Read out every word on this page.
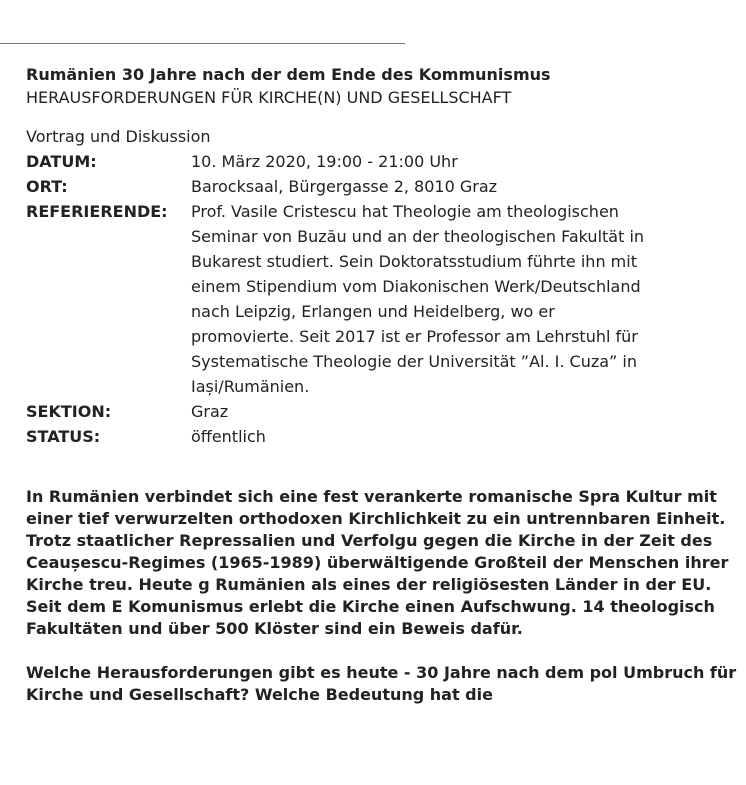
Rumänien 30 Jahre nach der dem Ende des Kommunismus
HERAUSFORDERUNGEN FÜR KIRCHE(N) UND GESELLSCHAFT
Vortrag und Diskussion
DATUM:	10. März 2020, 19:00 - 21:00 Uhr
ORT:	Barocksaal, Bürgergasse 2, 8010 Graz
REFERIERENDE:	Prof. Vasile Cristescu hat Theologie am theologischen Seminar von Buzău und an der theologischen Fakultät in Bukarest studiert. Sein Doktoratsstudium führte ihn mit einem Stipendium vom Diakonischen Werk/Deutschland nach Leipzig, Erlangen und Heidelberg, wo er promovierte. Seit 2017 ist er Professor am Lehrstuhl für Systematische Theologie der Universität ”Al. I. Cuza” in Iași/Rumänien.
SEKTION:	Graz
STATUS:	öffentlich

In Rumänien verbindet sich eine fest verankerte romanische Spra Kultur mit einer tief verwurzelten orthodoxen Kirchlichkeit zu ein untrennbaren Einheit. Trotz staatlicher Repressalien und Verfolgu gegen die Kirche in der Zeit des Ceaușescu-Regimes (1965-1989) überwältigende Großteil der Menschen ihrer Kirche treu. Heute g Rumänien als eines der religiösesten Länder in der EU. Seit dem E Komunismus erlebt die Kirche einen Aufschwung. 14 theologisch Fakultäten und über 500 Klöster sind ein Beweis dafür.

Welche Herausforderungen gibt es heute - 30 Jahre nach dem pol Umbruch für Kirche und Gesellschaft? Welche Bedeutung hat die
